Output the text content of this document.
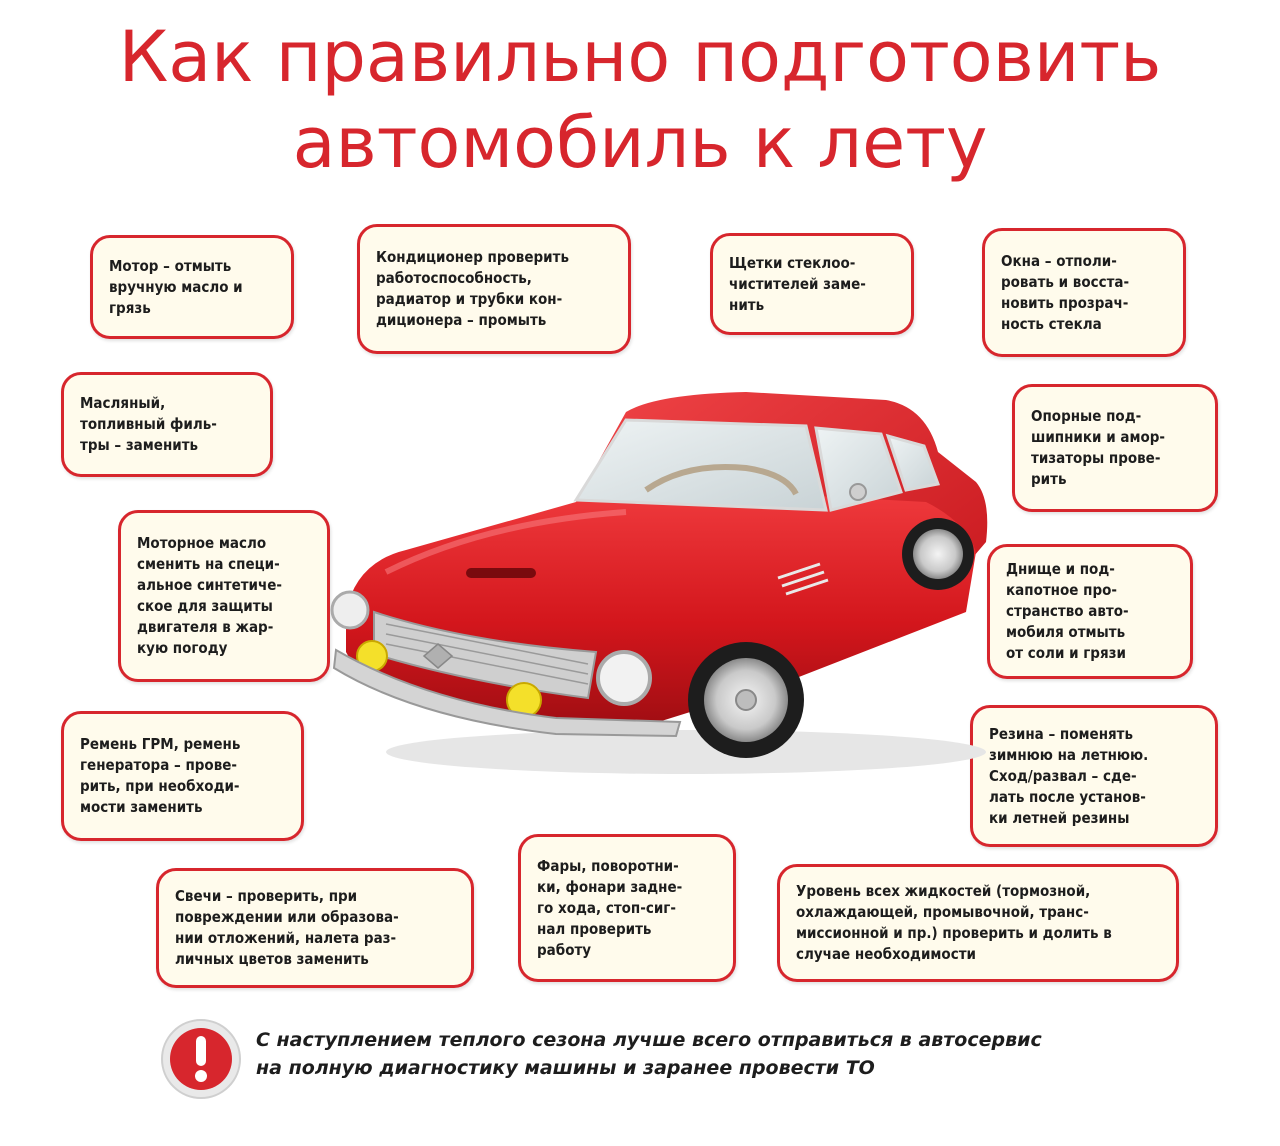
Как правильно подготовить
автомобиль к лету
Мотор – отмыть
вручную масло и
грязь
Кондиционер проверить
работоспособность,
радиатор и трубки кон-
диционера – промыть
Щетки стеклоо-
чистителей заме-
нить
Окна – отполи-
ровать и восста-
новить прозрач-
ность стекла
Масляный,
топливный филь-
тры – заменить
Опорные под-
шипники и амор-
тизаторы прове-
рить
Моторное масло
сменить на специ-
альное синтетиче-
ское для защиты
двигателя в жар-
кую погоду
Днище и под-
капотное про-
странство авто-
мобиля отмыть
от соли и грязи
Ремень ГРМ, ремень
генератора – прове-
рить, при необходи-
мости заменить
Резина – поменять
зимнюю на летнюю.
Сход/развал – сде-
лать после установ-
ки летней резины
Фары, поворотни-
ки, фонари задне-
го хода, стоп-сиг-
нал проверить
работу
Свечи – проверить, при
повреждении или образова-
нии отложений, налета раз-
личных цветов заменить
Уровень всех жидкостей (тормозной,
охлаждающей, промывочной, транс-
миссионной и пр.) проверить и долить в
случае необходимости
С наступлением теплого сезона лучше всего отправиться в автосервис
на полную диагностику машины и заранее провести ТО
